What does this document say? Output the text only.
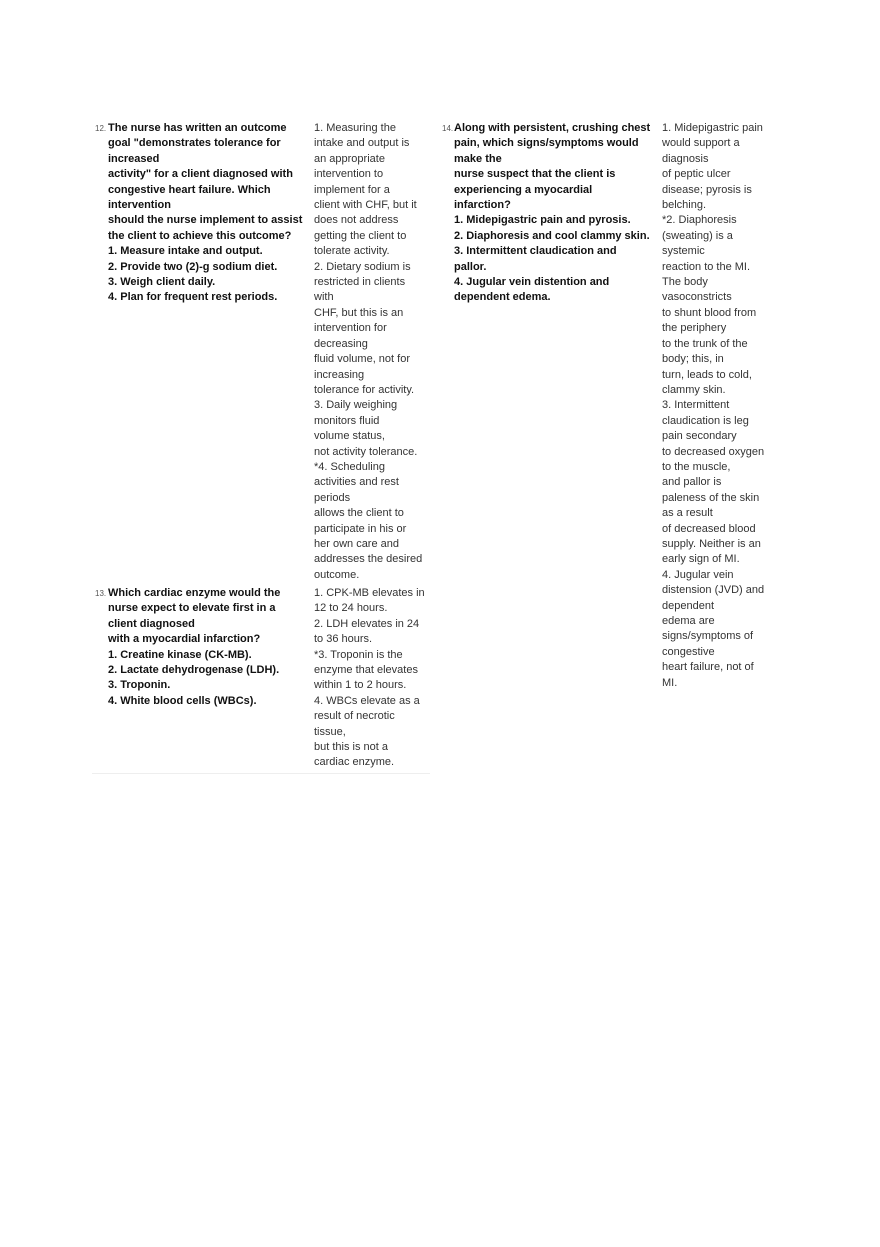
12. The nurse has written an outcome
goal "demonstrates tolerance for
increased
activity" for a client diagnosed with
congestive heart failure. Which
intervention
should the nurse implement to assist
the client to achieve this outcome?
1. Measure intake and output.
2. Provide two (2)-g sodium diet.
3. Weigh client daily.
4. Plan for frequent rest periods.
1. Measuring the
intake and output is
an appropriate
intervention to
implement for a
client with CHF, but it
does not address
getting the client to
tolerate activity.
2. Dietary sodium is
restricted in clients
with
CHF, but this is an
intervention for
decreasing
fluid volume, not for
increasing
tolerance for activity.
3. Daily weighing
monitors fluid
volume status,
not activity tolerance.
*4. Scheduling
activities and rest
periods
allows the client to
participate in his or
her own care and
addresses the desired
outcome.
13. Which cardiac enzyme would the
nurse expect to elevate first in a
client diagnosed
with a myocardial infarction?
1. Creatine kinase (CK-MB).
2. Lactate dehydrogenase (LDH).
3. Troponin.
4. White blood cells (WBCs).
1. CPK-MB elevates in
12 to 24 hours.
2. LDH elevates in 24
to 36 hours.
*3. Troponin is the
enzyme that elevates
within 1 to 2 hours.
4. WBCs elevate as a
result of necrotic
tissue,
but this is not a
cardiac enzyme.
14. Along with persistent, crushing chest
pain, which signs/symptoms would
make the
nurse suspect that the client is
experiencing a myocardial
infarction?
1. Midepigastric pain and pyrosis.
2. Diaphoresis and cool clammy skin.
3. Intermittent claudication and
pallor.
4. Jugular vein distention and
dependent edema.
1. Midepigastric pain
would support a
diagnosis
of peptic ulcer
disease; pyrosis is
belching.
*2. Diaphoresis
(sweating) is a
systemic
reaction to the MI.
The body
vasoconstricts
to shunt blood from
the periphery
to the trunk of the
body; this, in
turn, leads to cold,
clammy skin.
3. Intermittent
claudication is leg
pain secondary
to decreased oxygen
to the muscle,
and pallor is
paleness of the skin
as a result
of decreased blood
supply. Neither is an
early sign of MI.
4. Jugular vein
distension (JVD) and
dependent
edema are
signs/symptoms of
congestive
heart failure, not of
MI.
